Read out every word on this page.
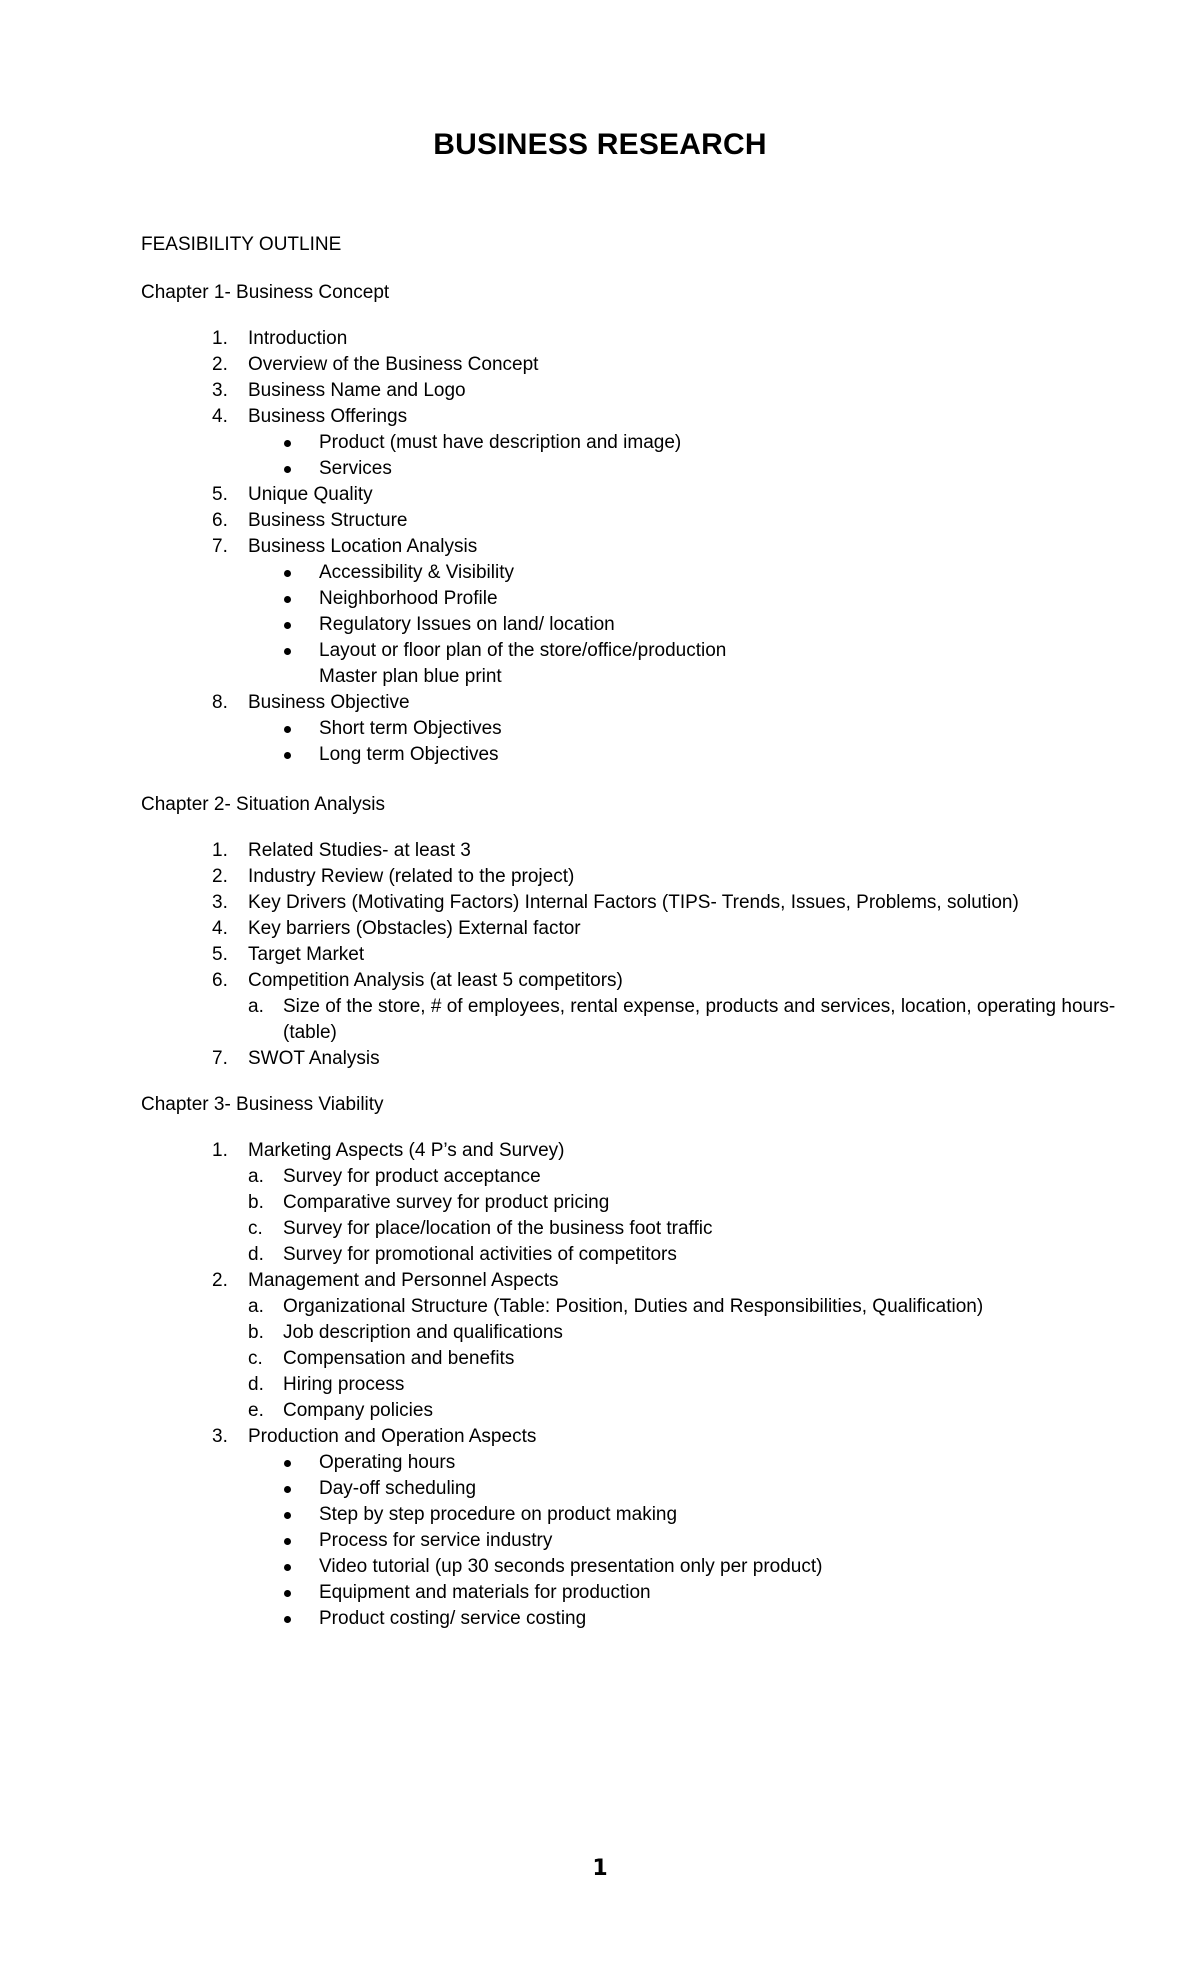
BUSINESS RESEARCH

FEASIBILITY OUTLINE

Chapter 1- Business Concept

1. Introduction
2. Overview of the Business Concept
3. Business Name and Logo
4. Business Offerings
Product (must have description and image)
Services
5. Unique Quality
6. Business Structure
7. Business Location Analysis
Accessibility & Visibility
Neighborhood Profile
Regulatory Issues on land/ location
Layout or floor plan of the store/office/production
Master plan blue print
8. Business Objective
Short term Objectives
Long term Objectives

Chapter 2- Situation Analysis

1. Related Studies- at least 3
2. Industry Review (related to the project)
3. Key Drivers (Motivating Factors) Internal Factors (TIPS- Trends, Issues, Problems, solution)
4. Key barriers (Obstacles) External factor
5. Target Market
6. Competition Analysis (at least 5 competitors)
a. Size of the store, # of employees, rental expense, products and services, location, operating hours- (table)
7. SWOT Analysis

Chapter 3- Business Viability

1. Marketing Aspects (4 P’s and Survey)
a. Survey for product acceptance
b. Comparative survey for product pricing
c. Survey for place/location of the business foot traffic
d. Survey for promotional activities of competitors
2. Management and Personnel Aspects
a. Organizational Structure (Table: Position, Duties and Responsibilities, Qualification)
b. Job description and qualifications
c. Compensation and benefits
d. Hiring process
e. Company policies
3. Production and Operation Aspects
Operating hours
Day-off scheduling
Step by step procedure on product making
Process for service industry
Video tutorial (up 30 seconds presentation only per product)
Equipment and materials for production
Product costing/ service costing

1
